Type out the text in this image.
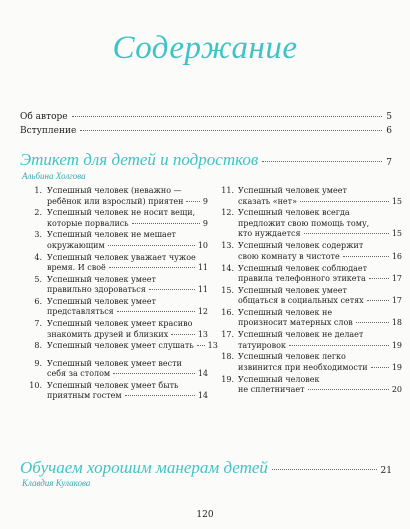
Содержание
Об авторе	5
Вступление	6
Этикет для детей и подростков	7
Альбина Холгова
1. Успешный человек (неважно —
ребёнок или взрослый) приятен 9
2. Успешный человек не носит вещи,
которые порвались	9
3. Успешный человек не мешает
окружающим	10
4. Успешный человек уважает чужое
время. И своё	11
5. Успешный человек умеет
правильно здороваться	11
6. Успешный человек умеет
представляться	12
7. Успешный человек умеет красиво
знакомить друзей и близких	13
8. Успешный человек умеет слушать 13
9. Успешный человек умеет вести
себя за столом	14
10. Успешный человек умеет быть
приятным гостем	14
11. Успешный человек умеет
сказать «нет»	15
12. Успешный человек всегда
предложит свою помощь тому,
кто нуждается	15
13. Успешный человек содержит
свою комнату в чистоте	16
14. Успешный человек соблюдает
правила телефонного этикета	17
15. Успешный человек умеет
общаться в социальных сетях	17
16. Успешный человек не
произносит матерных слов	18
17. Успешный человек не делает
татуировок	19
18. Успешный человек легко
извинится при необходимости	19
19. Успешный человек
не сплетничает	20
Обучаем хорошим манерам детей	21
Клавдия Кулакова
120
